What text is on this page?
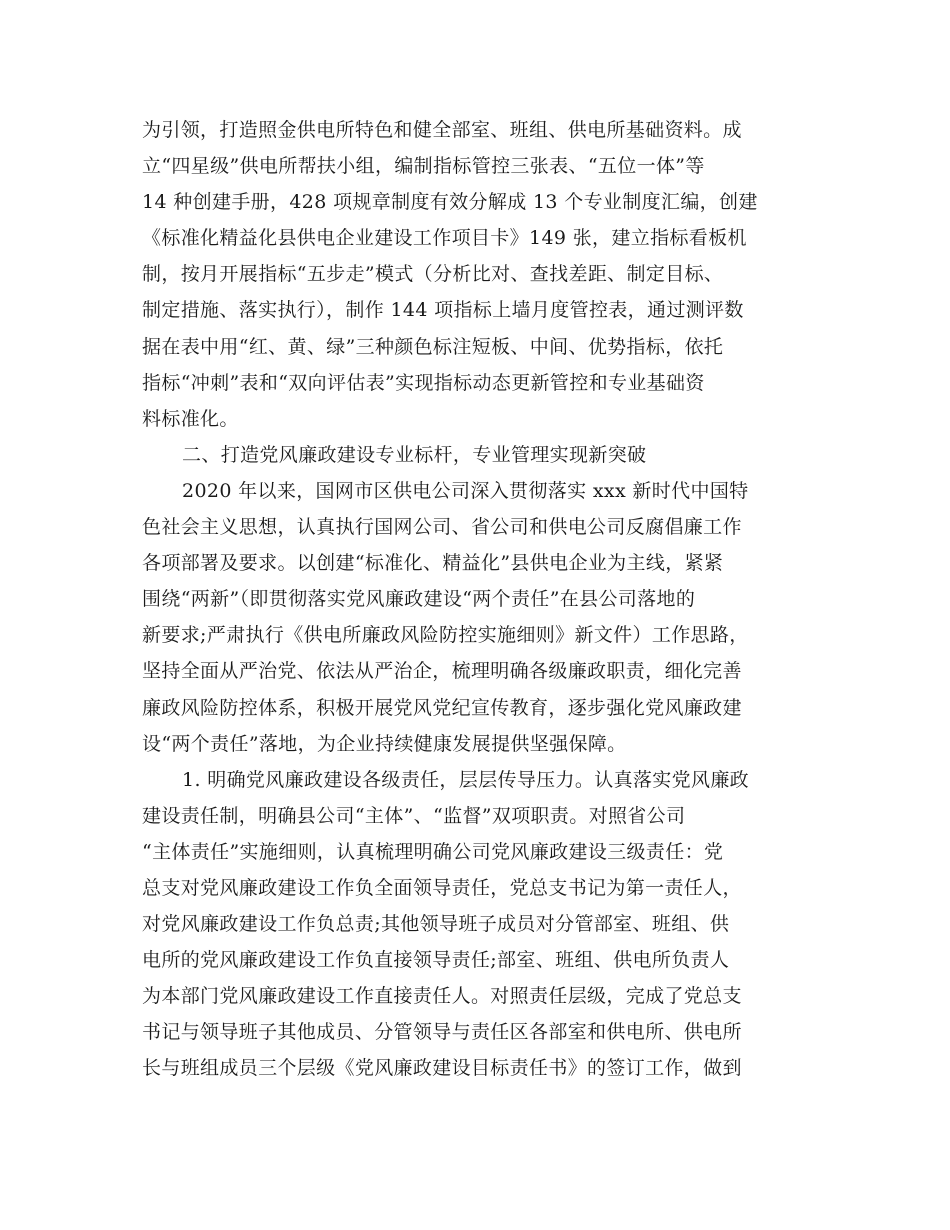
为引领，打造照金供电所特色和健全部室、班组、供电所基础资料。成
立“四星级”供电所帮扶小组，编制指标管控三张表、“五位一体”等
14 种创建手册，428 项规章制度有效分解成 13 个专业制度汇编，创建
《标准化精益化县供电企业建设工作项目卡》149 张，建立指标看板机
制，按月开展指标“五步走”模式（分析比对、查找差距、制定目标、
制定措施、落实执行），制作 144 项指标上墙月度管控表，通过测评数
据在表中用“红、黄、绿”三种颜色标注短板、中间、优势指标，依托
指标“冲刺”表和“双向评估表”实现指标动态更新管控和专业基础资
料标准化。
二、打造党风廉政建设专业标杆，专业管理实现新突破
2020 年以来，国网市区供电公司深入贯彻落实 xxx 新时代中国特
色社会主义思想，认真执行国网公司、省公司和供电公司反腐倡廉工作
各项部署及要求。以创建“标准化、精益化”县供电企业为主线，紧紧
围绕“两新”（即贯彻落实党风廉政建设“两个责任”在县公司落地的
新要求;严肃执行《供电所廉政风险防控实施细则》新文件）工作思路，
坚持全面从严治党、依法从严治企，梳理明确各级廉政职责，细化完善
廉政风险防控体系，积极开展党风党纪宣传教育，逐步强化党风廉政建
设“两个责任”落地，为企业持续健康发展提供坚强保障。
1. 明确党风廉政建设各级责任，层层传导压力。认真落实党风廉政
建设责任制，明确县公司“主体”、“监督”双项职责。对照省公司
“主体责任”实施细则，认真梳理明确公司党风廉政建设三级责任：党
总支对党风廉政建设工作负全面领导责任，党总支书记为第一责任人，
对党风廉政建设工作负总责;其他领导班子成员对分管部室、班组、供
电所的党风廉政建设工作负直接领导责任;部室、班组、供电所负责人
为本部门党风廉政建设工作直接责任人。对照责任层级，完成了党总支
书记与领导班子其他成员、分管领导与责任区各部室和供电所、供电所
长与班组成员三个层级《党风廉政建设目标责任书》的签订工作，做到
